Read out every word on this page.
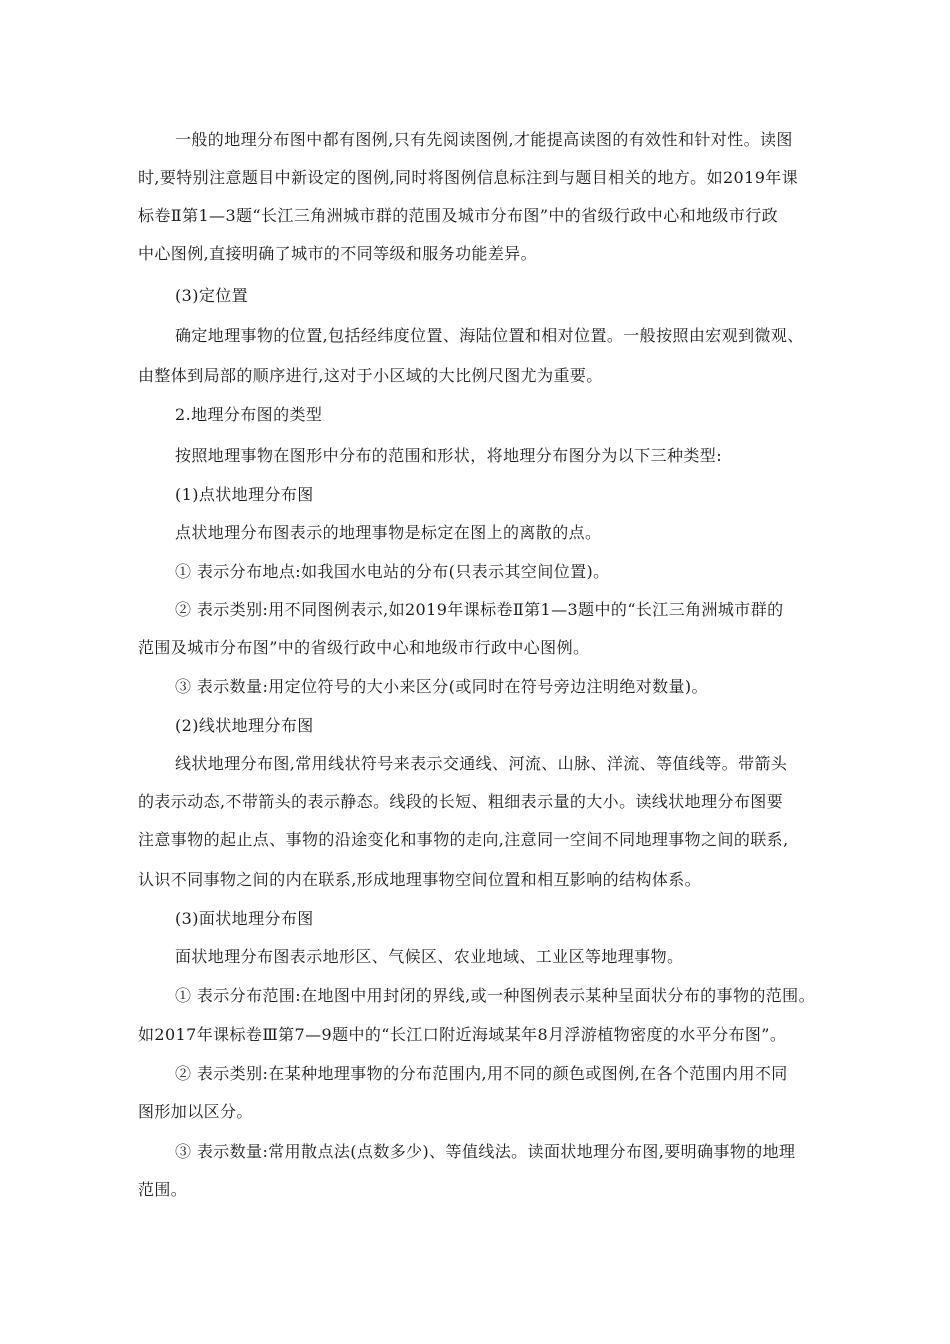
一般的地理分布图中都有图例,只有先阅读图例,才能提高读图的有效性和针对性。读图
时,要特别注意题目中新设定的图例,同时将图例信息标注到与题目相关的地方。如2019年课
标卷Ⅱ第1—3题“长江三角洲城市群的范围及城市分布图”中的省级行政中心和地级市行政
中心图例,直接明确了城市的不同等级和服务功能差异。
(3)定位置
确定地理事物的位置,包括经纬度位置、海陆位置和相对位置。一般按照由宏观到微观、
由整体到局部的顺序进行,这对于小区域的大比例尺图尤为重要。
2.地理分布图的类型
按照地理事物在图形中分布的范围和形状，将地理分布图分为以下三种类型:
(1)点状地理分布图
点状地理分布图表示的地理事物是标定在图上的离散的点。
① 表示分布地点:如我国水电站的分布(只表示其空间位置)。
② 表示类别:用不同图例表示,如2019年课标卷Ⅱ第1—3题中的“长江三角洲城市群的
范围及城市分布图”中的省级行政中心和地级市行政中心图例。
③ 表示数量:用定位符号的大小来区分(或同时在符号旁边注明绝对数量)。
(2)线状地理分布图
线状地理分布图,常用线状符号来表示交通线、河流、山脉、洋流、等值线等。带箭头
的表示动态,不带箭头的表示静态。线段的长短、粗细表示量的大小。读线状地理分布图要
注意事物的起止点、事物的沿途变化和事物的走向,注意同一空间不同地理事物之间的联系,
认识不同事物之间的内在联系,形成地理事物空间位置和相互影响的结构体系。
(3)面状地理分布图
面状地理分布图表示地形区、气候区、农业地域、工业区等地理事物。
① 表示分布范围:在地图中用封闭的界线,或一种图例表示某种呈面状分布的事物的范围。
如2017年课标卷Ⅲ第7—9题中的“长江口附近海域某年8月浮游植物密度的水平分布图”。
② 表示类别:在某种地理事物的分布范围内,用不同的颜色或图例,在各个范围内用不同
图形加以区分。
③ 表示数量:常用散点法(点数多少)、等值线法。读面状地理分布图,要明确事物的地理
范围。
